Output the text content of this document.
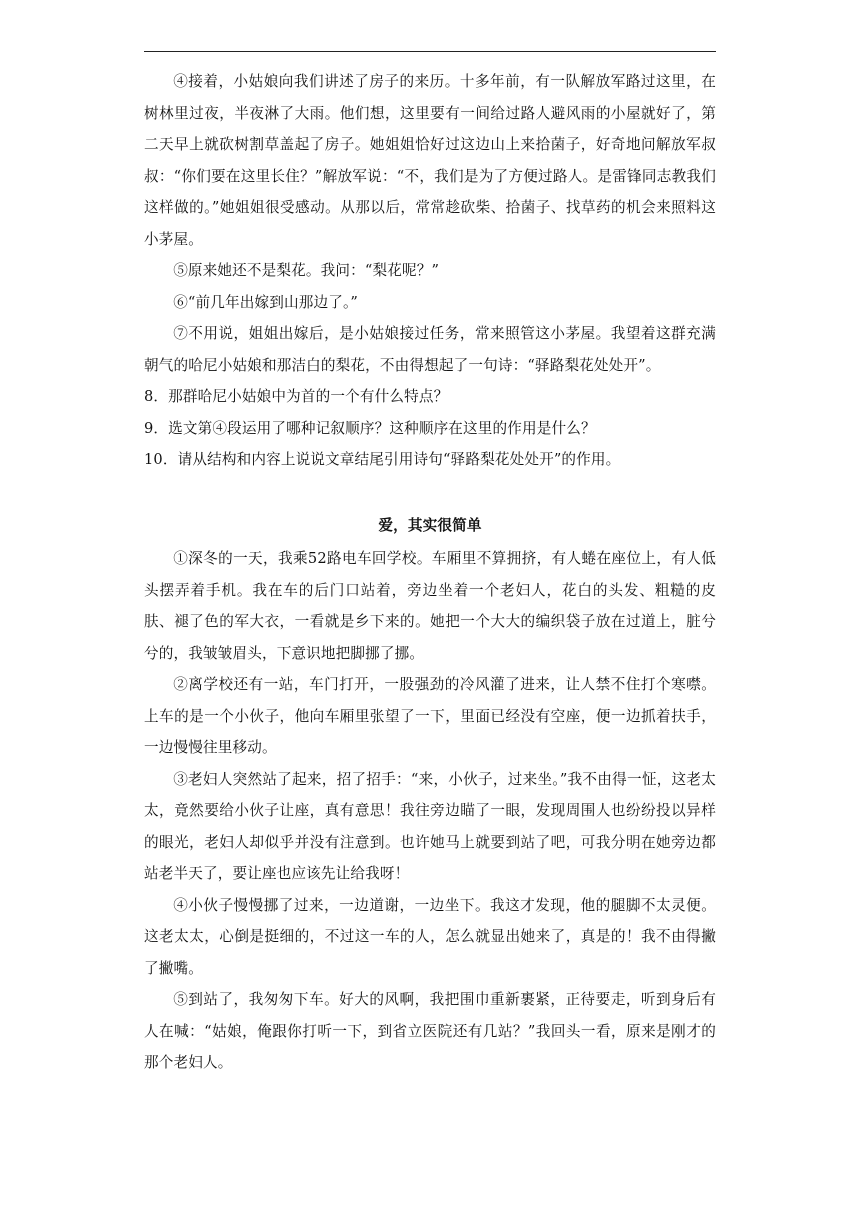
④接着，小姑娘向我们讲述了房子的来历。十多年前，有一队解放军路过这里，在树林里过夜，半夜淋了大雨。他们想，这里要有一间给过路人避风雨的小屋就好了，第二天早上就砍树割草盖起了房子。她姐姐恰好过这边山上来拾菌子，好奇地问解放军叔叔：“你们要在这里长住？”解放军说：“不，我们是为了方便过路人。是雷锋同志教我们这样做的。”她姐姐很受感动。从那以后，常常趁砍柴、拾菌子、找草药的机会来照料这小茅屋。

⑤原来她还不是梨花。我问：“梨花呢？”

⑥“前几年出嫁到山那边了。”

⑦不用说，姐姐出嫁后，是小姑娘接过任务，常来照管这小茅屋。我望着这群充满朝气的哈尼小姑娘和那洁白的梨花，不由得想起了一句诗：“驿路梨花处处开”。

8．那群哈尼小姑娘中为首的一个有什么特点？

9．选文第④段运用了哪种记叙顺序？这种顺序在这里的作用是什么？

10．请从结构和内容上说说文章结尾引用诗句“驿路梨花处处开”的作用。

爱，其实很简单

①深冬的一天，我乘52路电车回学校。车厢里不算拥挤，有人蜷在座位上，有人低头摆弄着手机。我在车的后门口站着，旁边坐着一个老妇人，花白的头发、粗糙的皮肤、褪了色的军大衣，一看就是乡下来的。她把一个大大的编织袋子放在过道上，脏兮兮的，我皱皱眉头，下意识地把脚挪了挪。

②离学校还有一站，车门打开，一股强劲的冷风灌了进来，让人禁不住打个寒噤。上车的是一个小伙子，他向车厢里张望了一下，里面已经没有空座，便一边抓着扶手，一边慢慢往里移动。

③老妇人突然站了起来，招了招手：“来，小伙子，过来坐。”我不由得一怔，这老太太，竟然要给小伙子让座，真有意思！我往旁边瞄了一眼，发现周围人也纷纷投以异样的眼光，老妇人却似乎并没有注意到。也许她马上就要到站了吧，可我分明在她旁边都站老半天了，要让座也应该先让给我呀！

④小伙子慢慢挪了过来，一边道谢，一边坐下。我这才发现，他的腿脚不太灵便。这老太太，心倒是挺细的，不过这一车的人，怎么就显出她来了，真是的！我不由得撇了撇嘴。

⑤到站了，我匆匆下车。好大的风啊，我把围巾重新裹紧，正待要走，听到身后有人在喊：“姑娘，俺跟你打听一下，到省立医院还有几站？”我回头一看，原来是刚才的那个老妇人。
